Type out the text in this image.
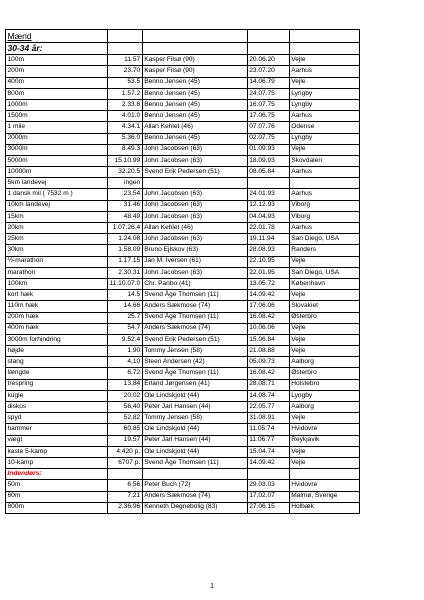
Mænd				
30-34 år:				
100m	11.57	Kasper Filsø (90)	20.06.20	Vejle
200m	23.70	Kasper Filsø (90)	23.07.20	Aarhus
400m	53.5	Benno Jensen (45)	14.06.79	Vejle
800m	1.57.2	Benno Jensen (45)	24.07.75	Lyngby
1000m	2.33.6	Benno Jensen (45)	16.07.75	Lyngby
1500m	4.01.0	Benno Jensen (45)	17.06.75	Aarhus
1 mile	4.34.1	Allan Kehlet (46)	07.07.76	Odense
2000m	5.36.0	Benno Jensen (45)	02.07.75	Lyngby
3000m	8.49.3	John Jacobsen (63)	01.09.93	Vejle
5000m	15.10.99	John Jacobsen (63)	18.09.93	Skovdalen
10000m	32.20.5	Svend Erik Pedersen (51)	08.05.84	Aarhus
5km landevej	ingen			
1 dansk mil ( 7532 m )	23.54	John Jacobsen (63)	24.01.93	Aarhus
10km landevej	31.46	John Jacobsen (63)	12.12.93	Viborg
15km	48.49	John Jacobsen (63)	04.04.93	Viborg
20km	1.07.26.4	Allan Kehlet (46)	22.01.78	Aarhus
25km	1.24.08	John Jacobsen (63)	19.11.94	San Diego, USA
30km	1.58.09	Bruno Ejlskov (63)	28.08.93	Randers
½-marathon	1.17.15	Jan M. Iversen (61)	22.10.95	Vejle
marathon	2.30.31	John Jacobsen (63)	22.01.95	San Diego, USA
100km	11.10.07.0	Chr. Panbo (41)	13.05.72	København
kort hæk	14.5	Svend Åge Thomsen (11)	14.09.42	Vejle
110m hæk	14.66	Anders Sækmose (74)	17.06.06	Slovakiet
200m hæk	25.7	Svend Åge Thomsen (11)	16.08.42	Østerbro
400m hæk	54.7	Anders Sækmose (74)	10.06.06	Vejle
3000m forhindring	9.52.4	Svend Erik Pedersen (51)	15.06.84	Vejle
højde	1,90	Tommy Jensen (58)	21.08.88	Vejle
stang	4,10	Steen Andersen (42)	05.09.73	Aalborg
længde	6,72	Svend Åge Thomsen (11)	16.08.42	Østerbro
trespring	13,84	Erland Jørgensen (41)	28.08.71	Holstebro
kugle	20,02	Ole Lindskjold (44)	14.08.74	Lyngby
diskos	56,40	Peter Jarl Hansen (44)	22.05.77	Aalborg
spyd	52,82	Tommy Jensen (58)	31.08.91	Vejle
hammer	60,85	Ole Lindskjold (44)	11.05.74	Hvidovre
vægt	19,57	Peter Jarl Hansen (44)	11.06.77	Reykjavik
kaste 5-kamp	4.420 p.	Ole Lindskjold (44)	15.04.74	Vejle
10-kamp	6707 p.	Svend Åge Thomsen (11)	14.09.42	Vejle
Indendørs:				
50m	6.56	Peter Buch (72)	29.03.03	Hvidovre
60m	7.21	Anders Sækmose (74)	17.02.07	Malmø, Sverige
800m	2.36.96	Kenneth Degnebolig (83)	27.06.15	Holbæk
1
